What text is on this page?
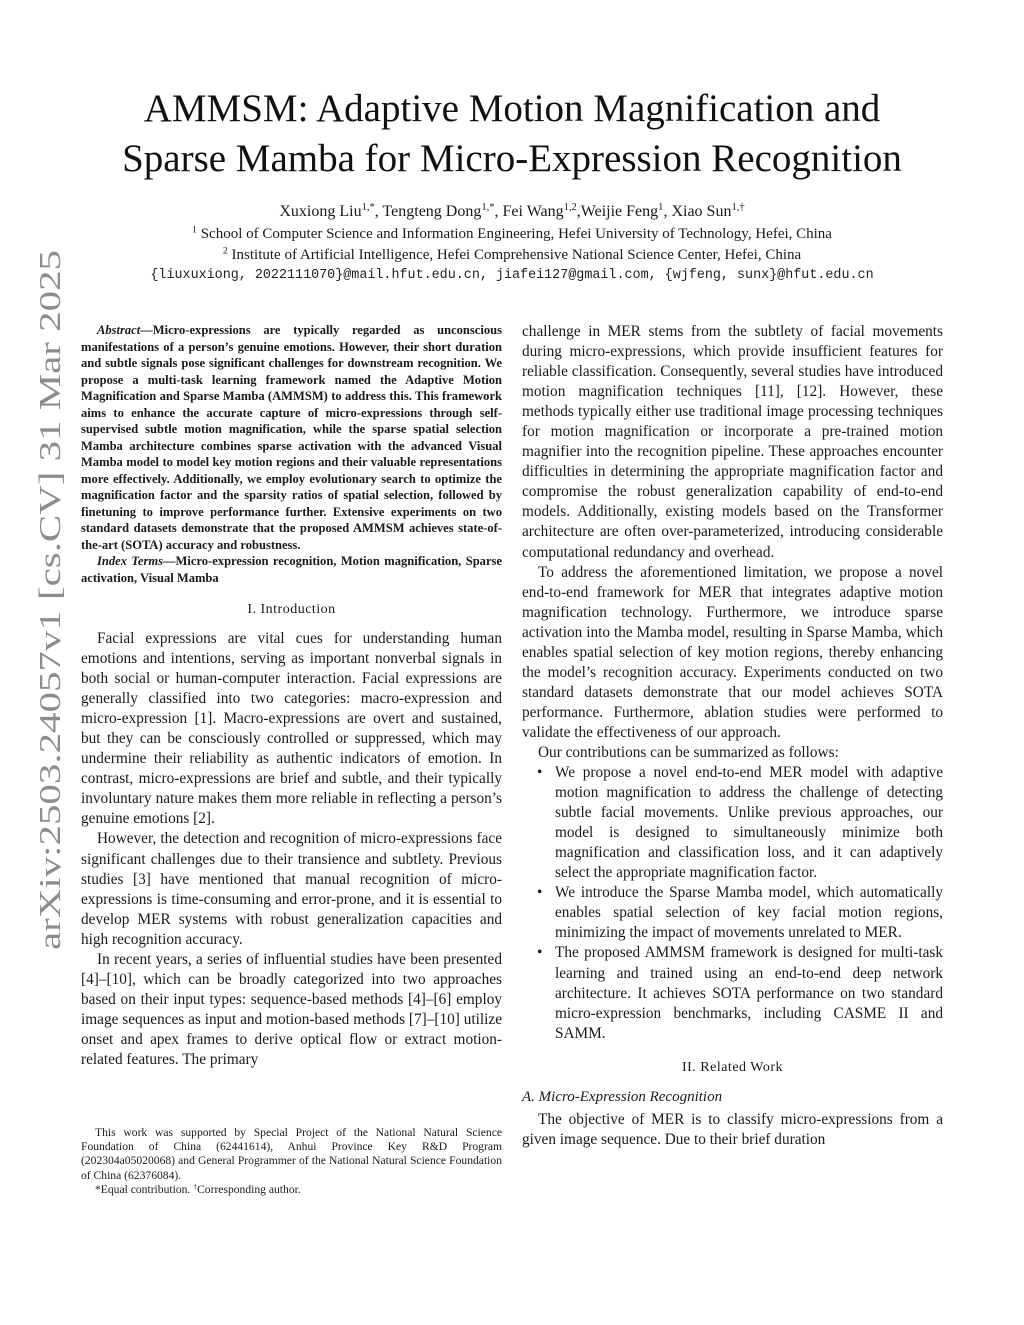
arXiv:2503.24057v1 [cs.CV] 31 Mar 2025
AMMSM: Adaptive Motion Magnification and
Sparse Mamba for Micro-Expression Recognition
Xuxiong Liu$^{1,*}$, Tengteng Dong$^{1,*}$, Fei Wang$^{1,2}$,Weijie Feng$^1$, Xiao Sun$^{1,\dagger}$
$^1$ School of Computer Science and Information Engineering, Hefei University of Technology, Hefei, China
$^2$ Institute of Artificial Intelligence, Hefei Comprehensive National Science Center, Hefei, China
{liuxuxiong, 2022111070}@mail.hfut.edu.cn, jiafei127@gmail.com, {wjfeng, sunx}@hfut.edu.cn

Abstract—Micro-expressions are typically regarded as unconscious manifestations of a person’s genuine emotions. However, their short duration and subtle signals pose significant challenges for downstream recognition. We propose a multi-task learning framework named the Adaptive Motion Magnification and Sparse Mamba (AMMSM) to address this. This framework aims to enhance the accurate capture of micro-expressions through self-supervised subtle motion magnification, while the sparse spatial selection Mamba architecture combines sparse activation with the advanced Visual Mamba model to model key motion regions and their valuable representations more effectively. Additionally, we employ evolutionary search to optimize the magnification factor and the sparsity ratios of spatial selection, followed by finetuning to improve performance further. Extensive experiments on two standard datasets demonstrate that the proposed AMMSM achieves state-of-the-art (SOTA) accuracy and robustness.

Index Terms—Micro-expression recognition, Motion magnification, Sparse activation, Visual Mamba

I. Introduction

Facial expressions are vital cues for understanding human emotions and intentions, serving as important nonverbal signals in both social or human-computer interaction. Facial expressions are generally classified into two categories: macro-expression and micro-expression [1]. Macro-expressions are overt and sustained, but they can be consciously controlled or suppressed, which may undermine their reliability as authentic indicators of emotion. In contrast, micro-expressions are brief and subtle, and their typically involuntary nature makes them more reliable in reflecting a person’s genuine emotions [2].

However, the detection and recognition of micro-expressions face significant challenges due to their transience and subtlety. Previous studies [3] have mentioned that manual recognition of micro-expressions is time-consuming and error-prone, and it is essential to develop MER systems with robust generalization capacities and high recognition accuracy.

In recent years, a series of influential studies have been presented [4]–[10], which can be broadly categorized into two approaches based on their input types: sequence-based methods [4]–[6] employ image sequences as input and motion-based methods [7]–[10] utilize onset and apex frames to derive optical flow or extract motion-related features. The primary

challenge in MER stems from the subtlety of facial movements during micro-expressions, which provide insufficient features for reliable classification. Consequently, several studies have introduced motion magnification techniques [11], [12]. However, these methods typically either use traditional image processing techniques for motion magnification or incorporate a pre-trained motion magnifier into the recognition pipeline. These approaches encounter difficulties in determining the appropriate magnification factor and compromise the robust generalization capability of end-to-end models. Additionally, existing models based on the Transformer architecture are often over-parameterized, introducing considerable computational redundancy and overhead.

To address the aforementioned limitation, we propose a novel end-to-end framework for MER that integrates adaptive motion magnification technology. Furthermore, we introduce sparse activation into the Mamba model, resulting in Sparse Mamba, which enables spatial selection of key motion regions, thereby enhancing the model’s recognition accuracy. Experiments conducted on two standard datasets demonstrate that our model achieves SOTA performance. Furthermore, ablation studies were performed to validate the effectiveness of our approach.

Our contributions can be summarized as follows:

• We propose a novel end-to-end MER model with adaptive motion magnification to address the challenge of detecting subtle facial movements. Unlike previous approaches, our model is designed to simultaneously minimize both magnification and classification loss, and it can adaptively select the appropriate magnification factor.
• We introduce the Sparse Mamba model, which automatically enables spatial selection of key facial motion regions, minimizing the impact of movements unrelated to MER.
• The proposed AMMSM framework is designed for multi-task learning and trained using an end-to-end deep network architecture. It achieves SOTA performance on two standard micro-expression benchmarks, including CASME II and SAMM.
II. Related Work
A. Micro-Expression Recognition

The objective of MER is to classify micro-expressions from a given image sequence. Due to their brief duration

This work was supported by Special Project of the National Natural Science Foundation of China (62441614), Anhui Province Key R&D Program (202304a05020068) and General Programmer of the National Natural Science Foundation of China (62376084).

*Equal contribution. †Corresponding author.
